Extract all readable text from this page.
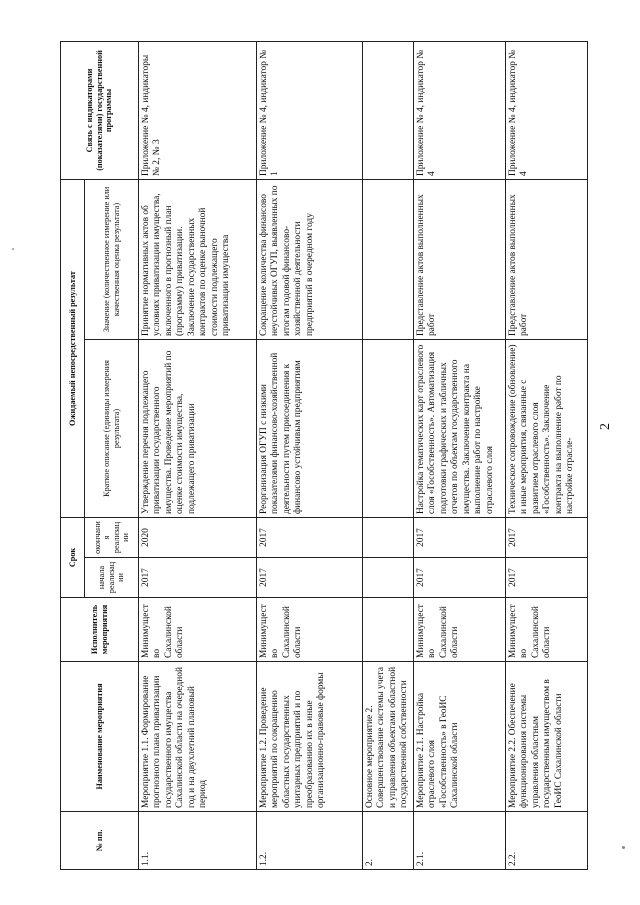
2
№ пп.	Наименование мероприятия	Исполнитель мероприятия	Срок		Ожидаемый непосредственный результат		Связь с индикаторами (показателями) государственной программы
			начала реализации	окончания реализации	Краткое описание (единицы измерения результата)	Значение (количественное измерение или качественная оценка результата)	
1.1.	Мероприятие 1.1. Формирование прогнозного плана приватизации государственного имущества Сахалинской области на очередной год и на двухлетний плановый период	Минимущество Сахалинской области	2017	2020	Утверждение перечня подлежащего приватизации государственного имущества. Проведение мероприятий по оценке стоимости имущества, подлежащего приватизации	Принятие нормативных актов об условиях приватизации имущества, включенного в прогнозный план (программу) приватизации. Заключение государственных контрактов по оценке рыночной стоимости подлежащего приватизации имущества	Приложение № 4, индикаторы № 2, № 3
1.2.	Мероприятие 1.2. Проведение мероприятий по сокращению областных государственных унитарных предприятий и по преобразованию их в иные организационно-правовые формы	Минимущество Сахалинской области	2017	2017	Реорганизация ОГУП с низкими показателями финансово-хозяйственной деятельности путем присоединения к финансово устойчивым предприятиям	Сокращение количества финансово неустойчивых ОГУП, выявленных по итогам годовой финансово-хозяйственной деятельности предприятий в очередном году	Приложение № 4, индикатор № 1
2.	Основное мероприятие 2. Совершенствование системы учета и управления объектами областной государственной собственности						
2.1.	Мероприятие 2.1. Настройка отраслевого слоя «Гособственность» в ГеоИС Сахалинской области	Минимущество Сахалинской области	2017	2017	Настройка тематических карт отраслевого слоя «Гособственность». Автоматизация подготовки графических и табличных отчетов по объектам государственного имущества. Заключение контракта на выполнение работ по настройке отраслевого слоя	Представление актов выполненных работ	Приложение № 4, индикатор № 4
2.2.	Мероприятие 2.2. Обеспечение функционирования системы управления областным государственным имуществом в ГеоИС Сахалинской области	Минимущество Сахалинской области	2017	2017	Техническое сопровождение (обновление) и иные мероприятия, связанные с развитием отраслевого слоя «Гособственность». Заключение контракта на выполнение работ по настройке отрасле-	Представление актов выполненных работ	Приложение № 4, индикатор № 4
